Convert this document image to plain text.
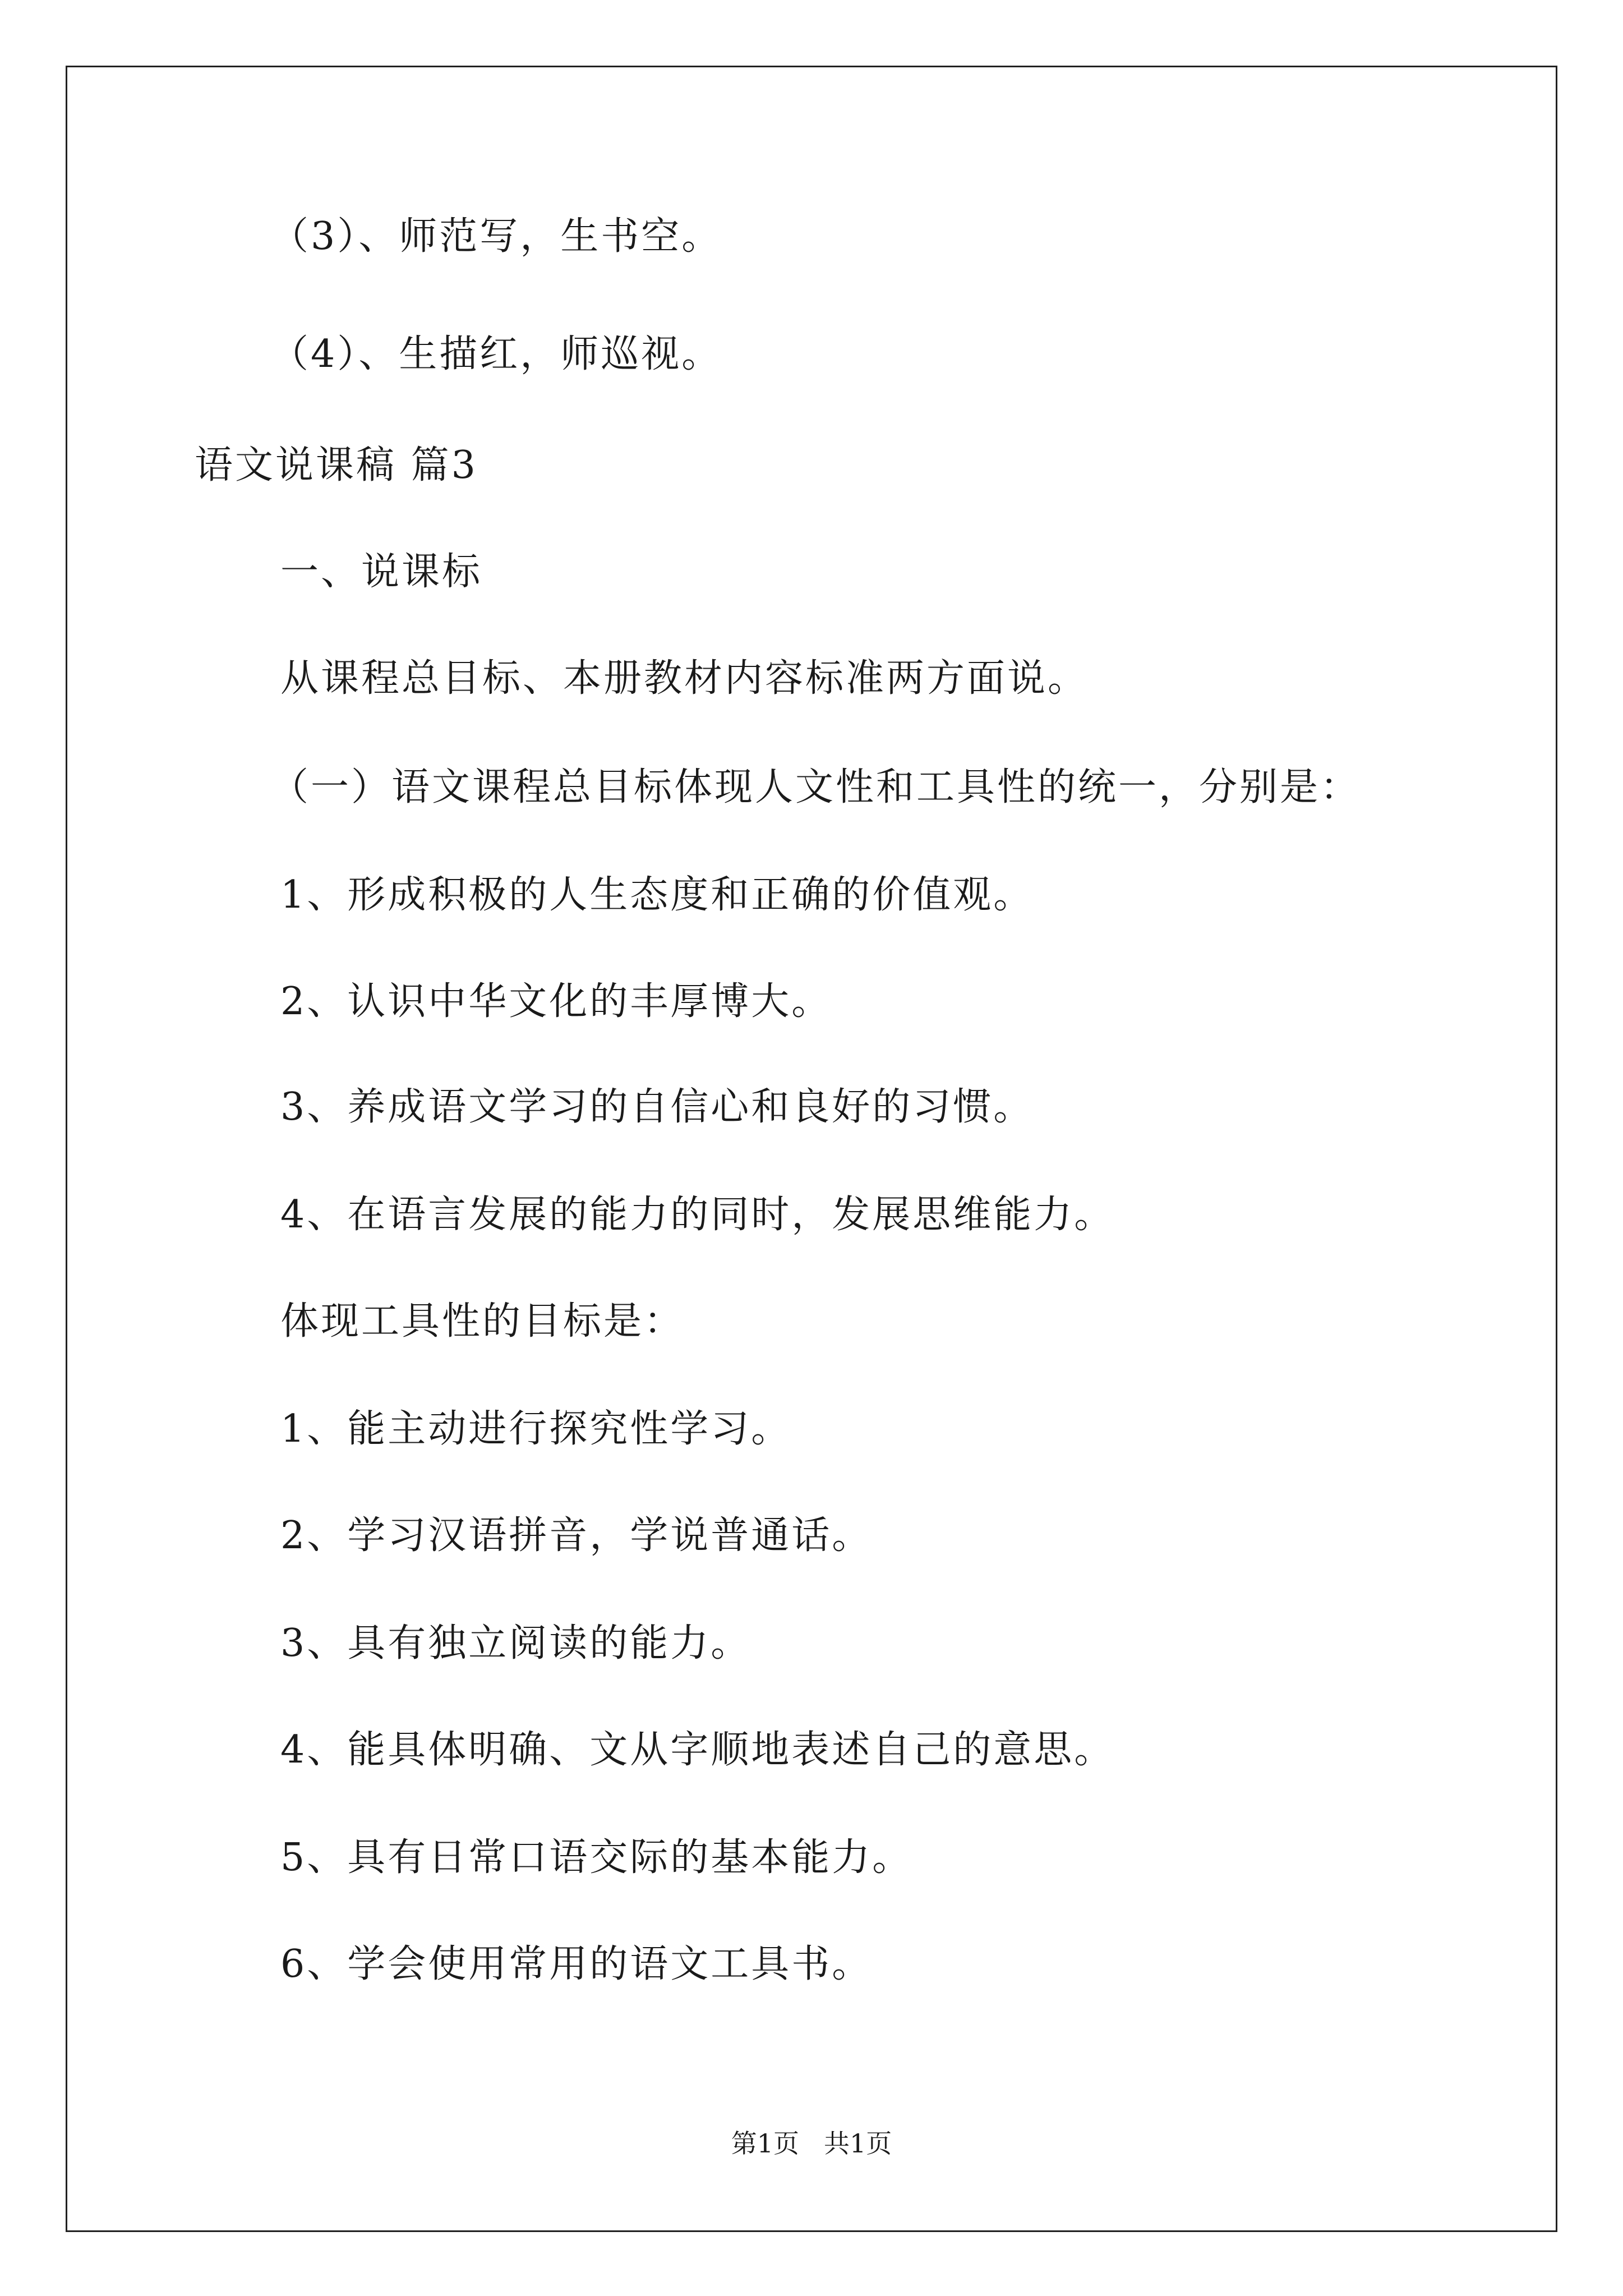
（3）、师范写，生书空。
（4）、生描红，师巡视。
语文说课稿 篇3
一、说课标
从课程总目标、本册教材内容标准两方面说。
（一）语文课程总目标体现人文性和工具性的统一，分别是：
1、形成积极的人生态度和正确的价值观。
2、认识中华文化的丰厚博大。
3、养成语文学习的自信心和良好的习惯。
4、在语言发展的能力的同时，发展思维能力。
体现工具性的目标是：
1、能主动进行探究性学习。
2、学习汉语拼音，学说普通话。
3、具有独立阅读的能力。
4、能具体明确、文从字顺地表述自己的意思。
5、具有日常口语交际的基本能力。
6、学会使用常用的语文工具书。
第1页 共1页
